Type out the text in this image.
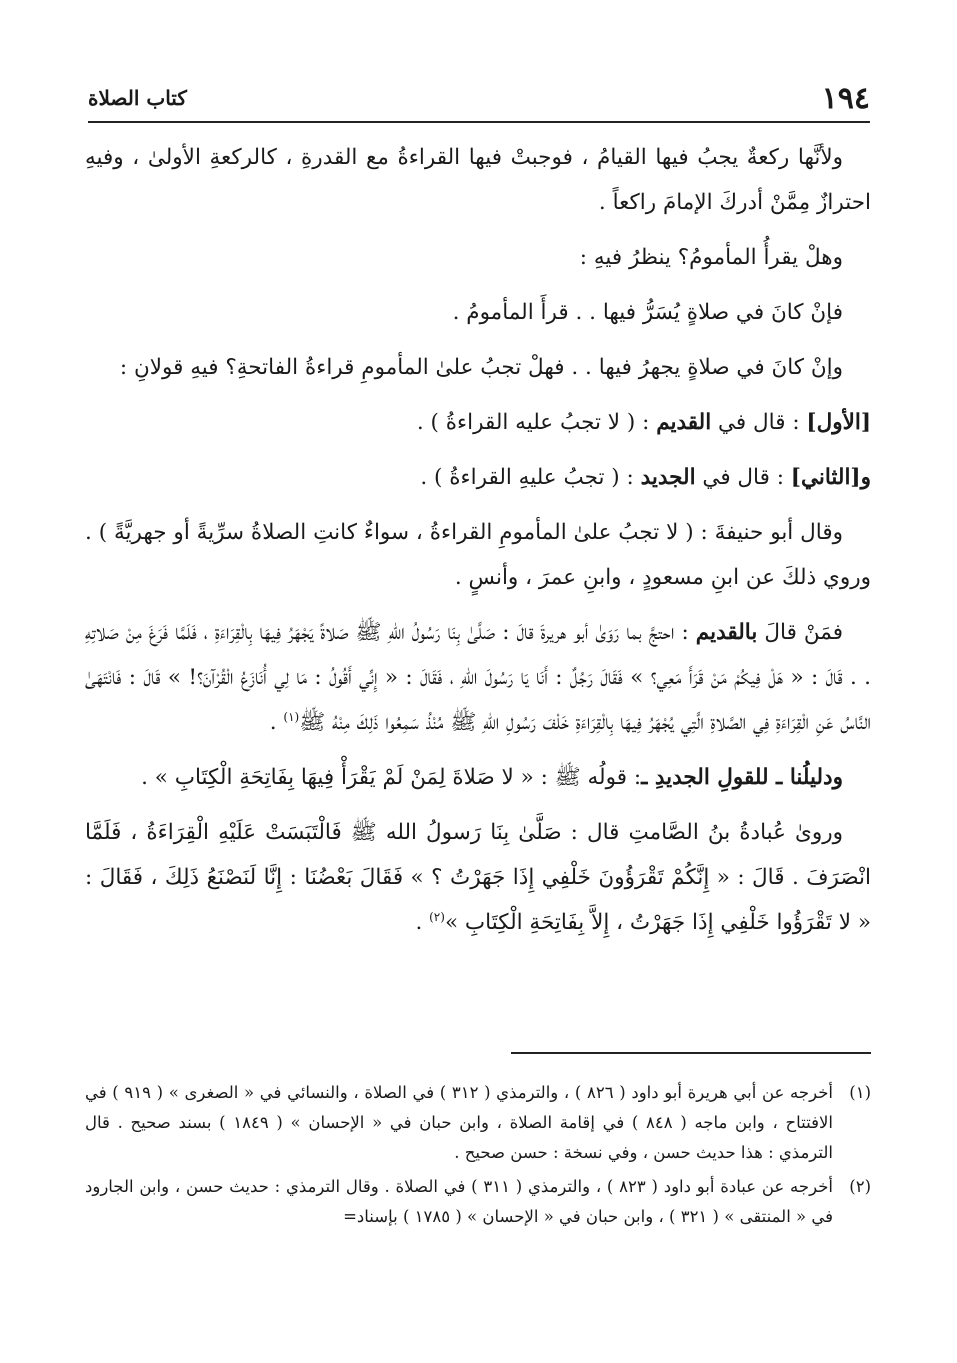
١٩٤
كتاب الصلاة

ولأنَّها ركعةٌ يجبُ فيها القيامُ ، فوجبتْ فيها القراءةُ مع القدرةِ ، كالركعةِ الأولىٰ ، وفيهِ احترازٌ مِمَّنْ أدركَ الإمامَ راكعاً .

وهلْ يقرأُ المأمومُ؟ ينظرُ فيهِ :

فإنْ كانَ في صلاةٍ يُسَرُّ فيها . . قرأَ المأمومُ .

وإنْ كانَ في صلاةٍ يجهرُ فيها . . فهلْ تجبُ علىٰ المأمومِ قراءةُ الفاتحةِ؟ فيهِ قولانِ :

[الأول] : قال في القديم : ( لا تجبُ عليه القراءةُ ) .

و[الثاني] : قال في الجديد : ( تجبُ عليهِ القراءةُ ) .

وقال أبو حنيفةَ : ( لا تجبُ علىٰ المأمومِ القراءةُ ، سواءٌ كانتِ الصلاةُ سرِّيةً أو جهريَّةً ) . وروي ذلكَ عن ابنِ مسعودٍ ، وابنِ عمرَ ، وأنسٍ .

فمَنْ قالَ بالقديم : احتجَّ بما رَوَىٰ أبو هريرةَ قالَ : صَلَّىٰ بِنَا رَسُولُ اللهِ ﷺ صَلاةً يَجْهَرُ فِيهَا بِالْقِرَاءَةِ ، فَلَمَّا فَرَغَ مِنْ صَلاتِهِ . . قَالَ : « هَلْ فِيكُمْ مَنْ قَرَأَ مَعِي؟ » فَقَالَ رَجُلٌ : أَنَا يَا رَسُولَ اللهِ ، فَقَالَ : « إِنِّي أَقُولُ : مَا لِي أُنَازَعُ الْقُرْآنَ؟! » قَالَ : فَانْتَهَىٰ النَّاسُ عَنِ الْقِرَاءَةِ فِي الصَّلاةِ الَّتِي يُجْهَرُ فِيهَا بِالْقِرَاءَةِ خَلْفَ رَسُولِ اللهِ ﷺ مُنْذُ سَمِعُوا ذَلِكَ مِنْهُ ﷺ$^{(١)}$ .

ودليلُنا ـ للقولِ الجديدِ ـ: قولُه ﷺ : « لا صَلاةَ لِمَنْ لَمْ يَقْرَأْ فِيهَا بِفَاتِحَةِ الْكِتَابِ » .

وروىٰ عُبادةُ بنُ الصَّامتِ قال : صَلَّىٰ بِنَا رَسولُ الله ﷺ فَالْتَبَسَتْ عَلَيْهِ الْقِرَاءَةُ ، فَلَمَّا انْصَرَفَ . قَالَ : « إِنَّكُمْ تَقْرَؤُونَ خَلْفِي إِذَا جَهَرْتُ ؟ » فَقَالَ بَعْضُنَا : إِنَّا لَنَصْنَعُ ذَلِكَ ، فَقَالَ : « لا تَقْرَؤُوا خَلْفِي إِذَا جَهَرْتُ ، إِلاَّ بِفَاتِحَةِ الْكِتَابِ »$^{(٢)}$ .

(١)
أخرجه عن أبي هريرة أبو داود ( ٨٢٦ ) ، والترمذي ( ٣١٢ ) في الصلاة ، والنسائي في « الصغرى » ( ٩١٩ ) في الافتتاح ، وابن ماجه ( ٨٤٨ ) في إقامة الصلاة ، وابن حبان في « الإحسان » ( ١٨٤٩ ) بسند صحيح . قال الترمذي : هذا حديث حسن ، وفي نسخة : حسن صحيح .
(٢)
أخرجه عن عبادة أبو داود ( ٨٢٣ ) ، والترمذي ( ٣١١ ) في الصلاة . وقال الترمذي : حديث حسن ، وابن الجارود في « المنتقى » ( ٣٢١ ) ، وابن حبان في « الإحسان » ( ١٧٨٥ ) بإسناد=
